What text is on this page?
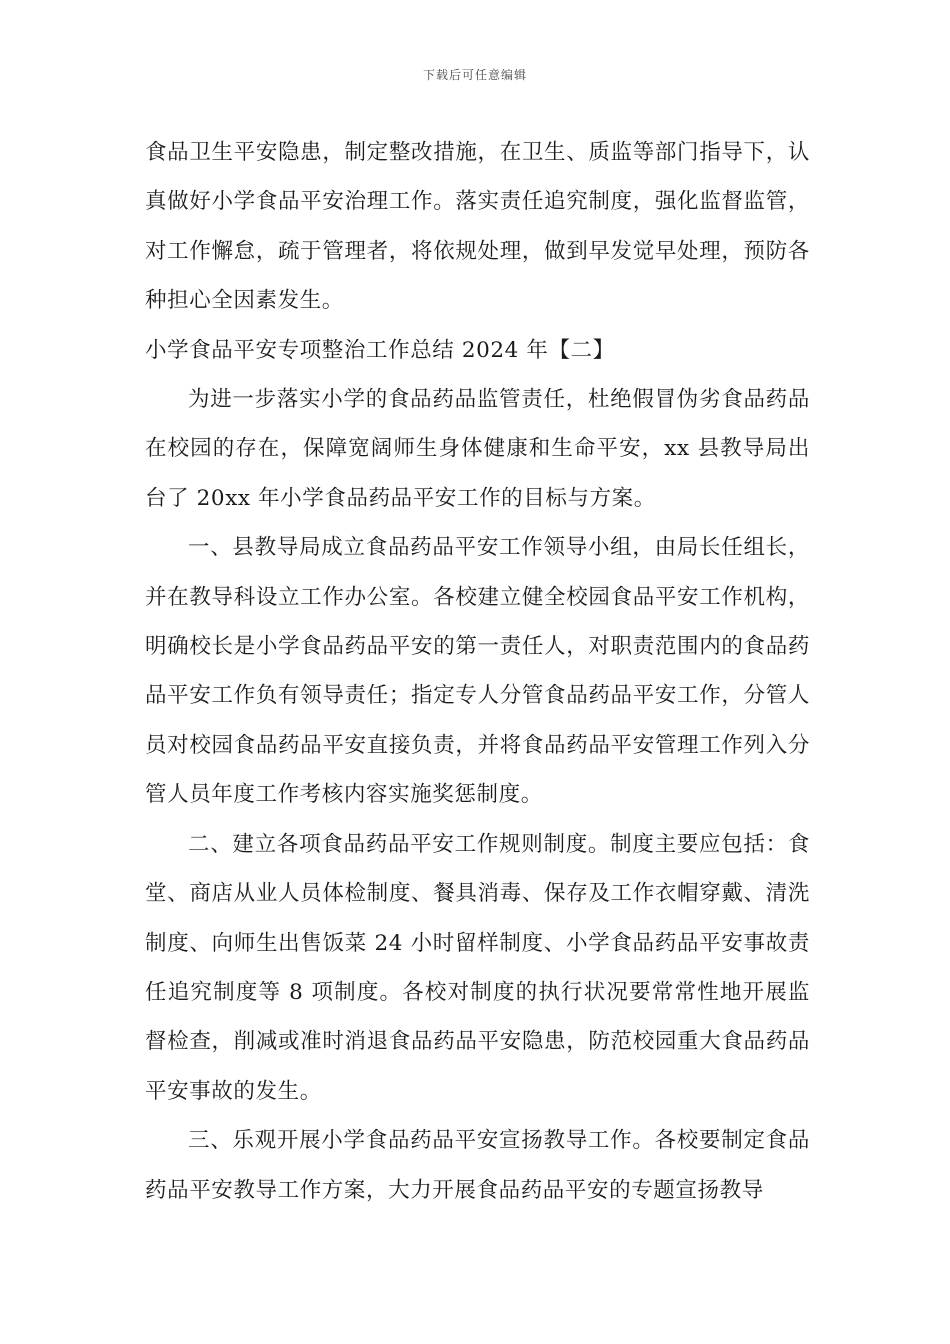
下载后可任意编辑

食品卫生平安隐患，制定整改措施，在卫生、质监等部门指导下，认真做好小学食品平安治理工作。落实责任追究制度，强化监督监管，对工作懈怠，疏于管理者，将依规处理，做到早发觉早处理，预防各种担心全因素发生。

小学食品平安专项整治工作总结 2024 年【二】

为进一步落实小学的食品药品监管责任，杜绝假冒伪劣食品药品在校园的存在，保障宽阔师生身体健康和生命平安，xx 县教导局出台了 20xx 年小学食品药品平安工作的目标与方案。

一、县教导局成立食品药品平安工作领导小组，由局长任组长，并在教导科设立工作办公室。各校建立健全校园食品平安工作机构，明确校长是小学食品药品平安的第一责任人，对职责范围内的食品药品平安工作负有领导责任；指定专人分管食品药品平安工作，分管人员对校园食品药品平安直接负责，并将食品药品平安管理工作列入分管人员年度工作考核内容实施奖惩制度。

二、建立各项食品药品平安工作规则制度。制度主要应包括：食堂、商店从业人员体检制度、餐具消毒、保存及工作衣帽穿戴、清洗制度、向师生出售饭菜 24 小时留样制度、小学食品药品平安事故责任追究制度等 8 项制度。各校对制度的执行状况要常常性地开展监督检查，削减或准时消退食品药品平安隐患，防范校园重大食品药品平安事故的发生。

三、乐观开展小学食品药品平安宣扬教导工作。各校要制定食品药品平安教导工作方案，大力开展食品药品平安的专题宣扬教导
